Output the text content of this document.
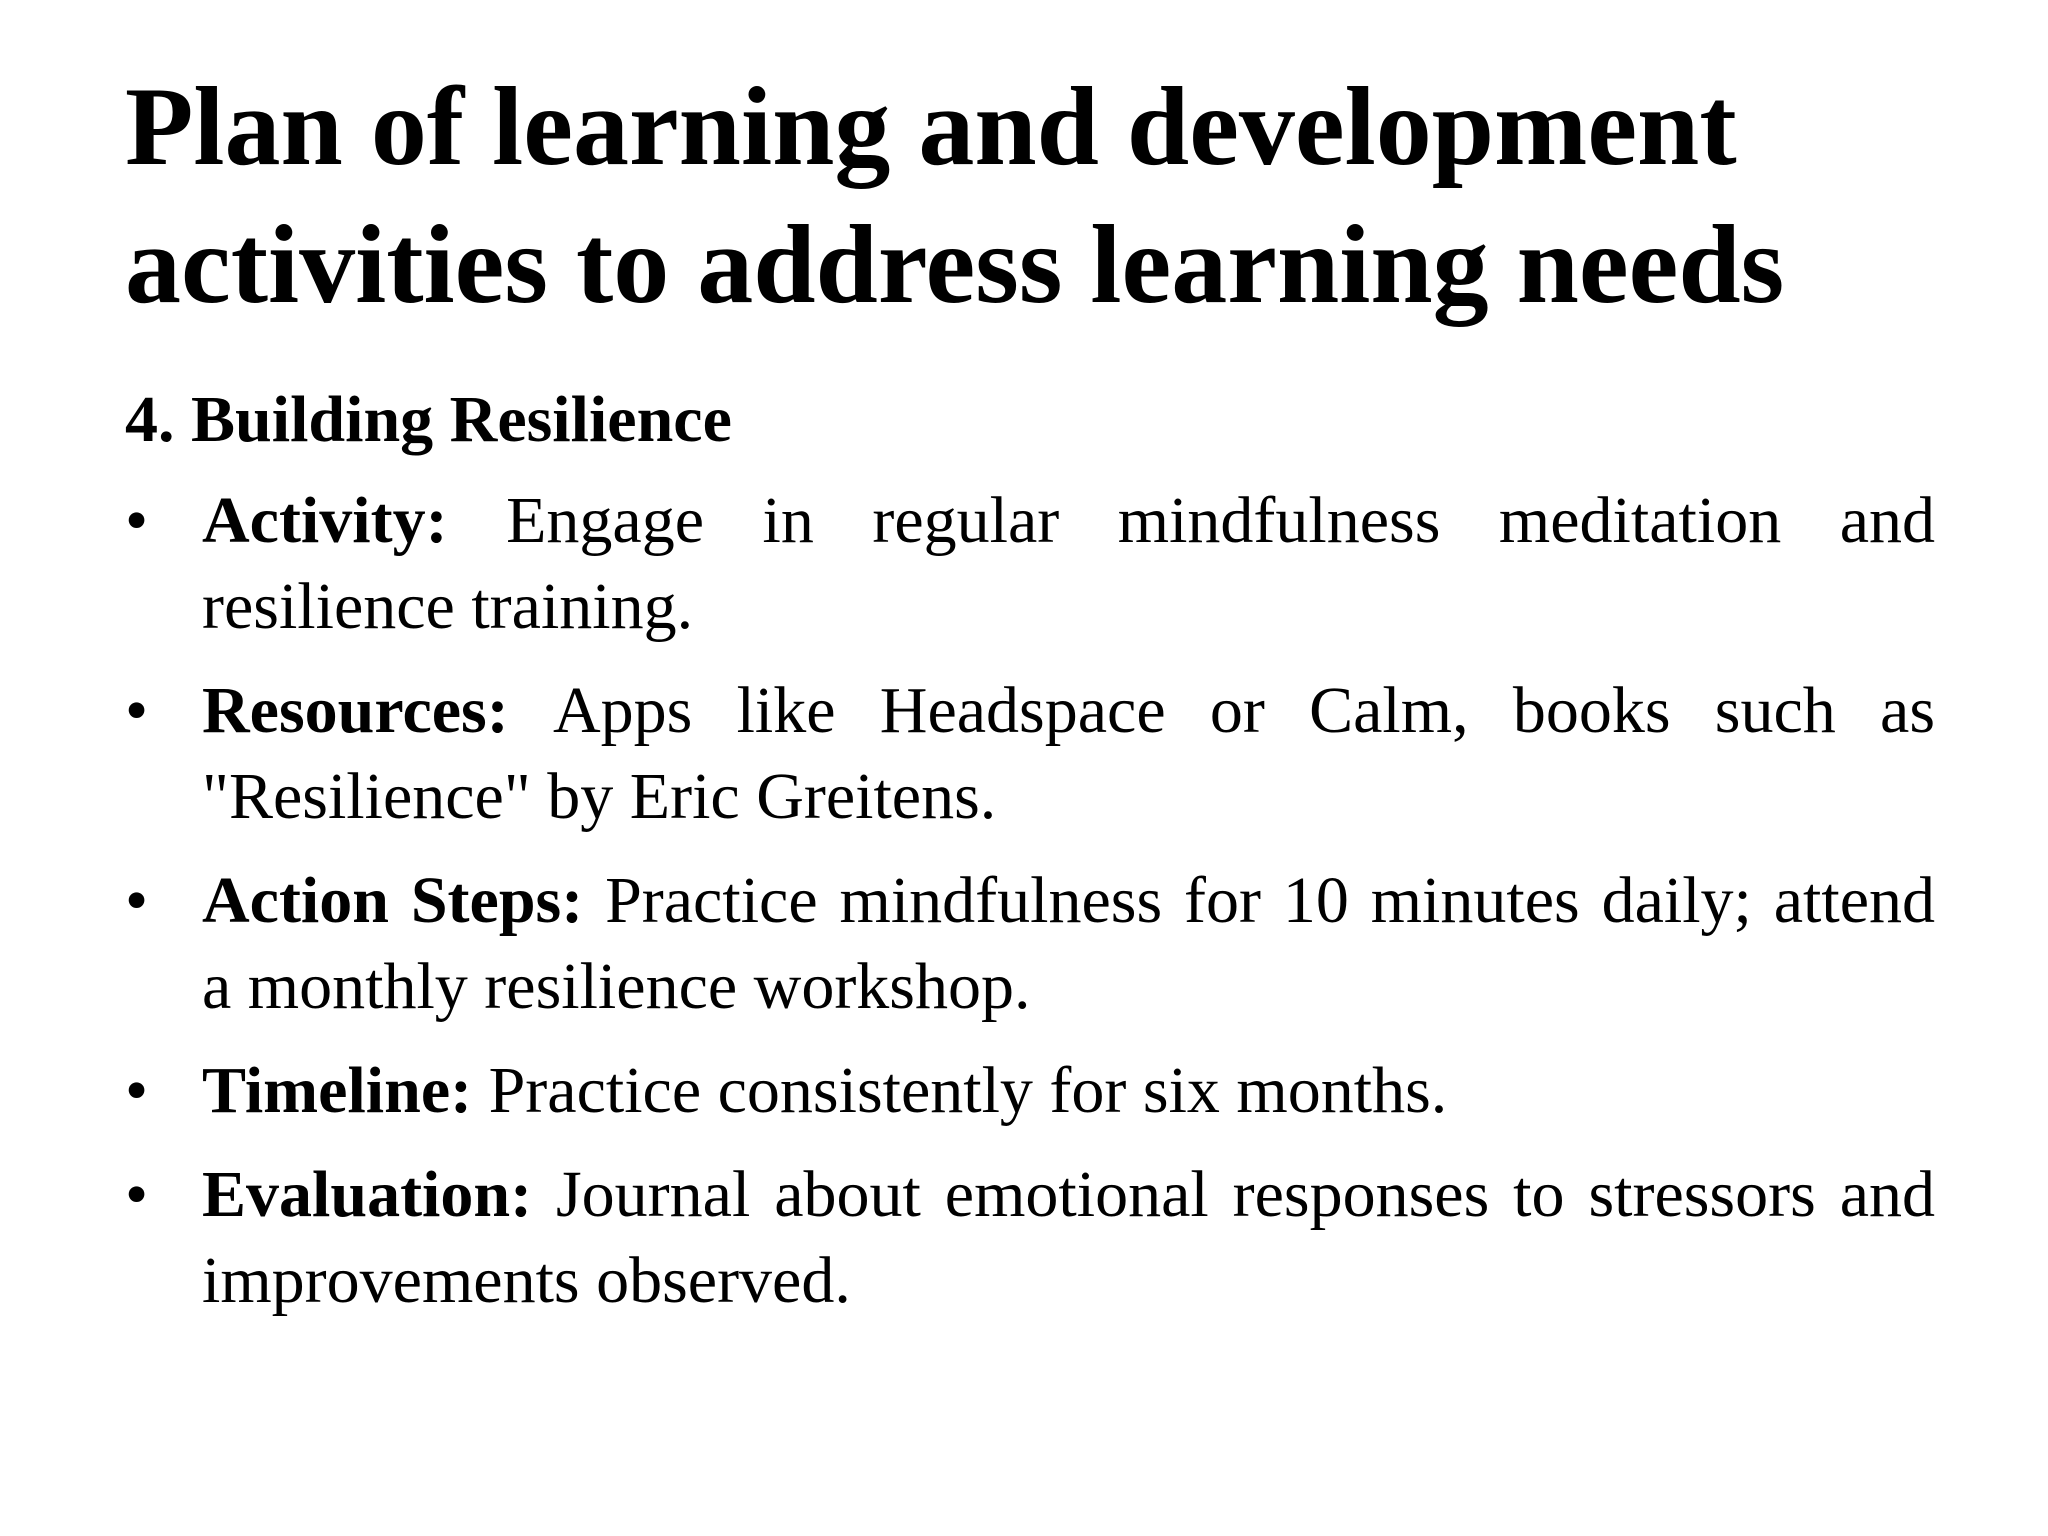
Plan of learning and development activities to address learning needs

4. Building Resilience

• Activity: Engage in regular mindfulness meditation and resilience training.
• Resources: Apps like Headspace or Calm, books such as "Resilience" by Eric Greitens.
• Action Steps: Practice mindfulness for 10 minutes daily; attend a monthly resilience workshop.
• Timeline: Practice consistently for six months.
• Evaluation: Journal about emotional responses to stressors and improvements observed.
